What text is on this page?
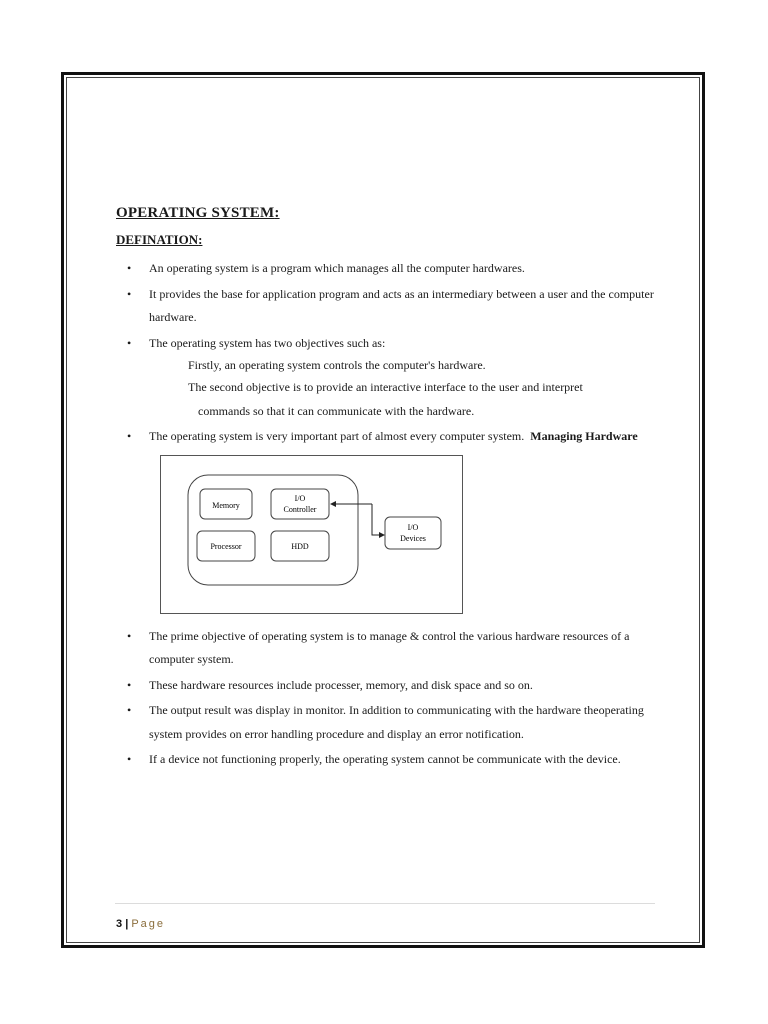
OPERATING SYSTEM:
DEFINATION:
• An operating system is a program which manages all the computer hardwares.
• It provides the base for application program and acts as an intermediary between a user and the computer hardware.
• The operating system has two objectives such as:
Firstly, an operating system controls the computer's hardware.
The second objective is to provide an interactive interface to the user and interpret
commands so that it can communicate with the hardware.
• The operating system is very important part of almost every computer system. Managing Hardware
Memory
I/O
Controller
Processor	HDD
I/O
Devices
• The prime objective of operating system is to manage & control the various hardware resources of a computer system.
• These hardware resources include processer, memory, and disk space and so on.
• The output result was display in monitor. In addition to communicating with the hardware theoperating system provides on error handling procedure and display an error notification.
• If a device not functioning properly, the operating system cannot be communicate with the device.
3 | Page
